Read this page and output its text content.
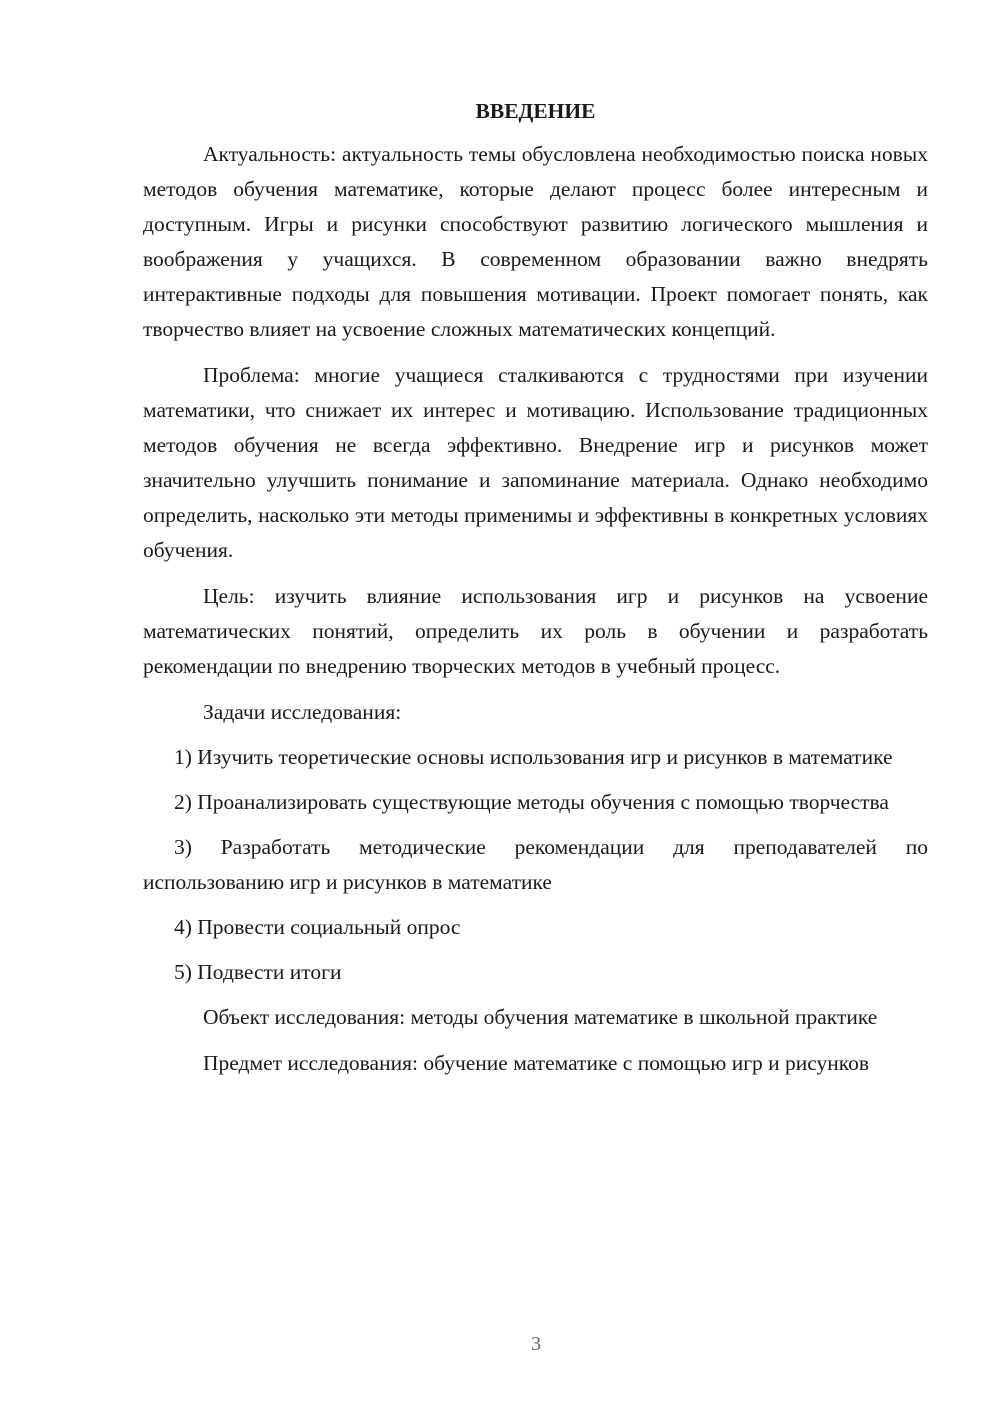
ВВЕДЕНИЕ

Актуальность: актуальность темы обусловлена необходимостью поиска новых методов обучения математике, которые делают процесс более интересным и доступным. Игры и рисунки способствуют развитию логического мышления и воображения у учащихся. В современном образовании важно внедрять интерактивные подходы для повышения мотивации. Проект помогает понять, как творчество влияет на усвоение сложных математических концепций.

Проблема: многие учащиеся сталкиваются с трудностями при изучении математики, что снижает их интерес и мотивацию. Использование традиционных методов обучения не всегда эффективно. Внедрение игр и рисунков может значительно улучшить понимание и запоминание материала. Однако необходимо определить, насколько эти методы применимы и эффективны в конкретных условиях обучения.

Цель: изучить влияние использования игр и рисунков на усвоение математических понятий, определить их роль в обучении и разработать рекомендации по внедрению творческих методов в учебный процесс.

Задачи исследования:

1) Изучить теоретические основы использования игр и рисунков в математике

2) Проанализировать существующие методы обучения с помощью творчества

3) Разработать методические рекомендации для преподавателей по использованию игр и рисунков в математике

4) Провести социальный опрос

5) Подвести итоги

Объект исследования: методы обучения математике в школьной практике

Предмет исследования: обучение математике с помощью игр и рисунков

3
